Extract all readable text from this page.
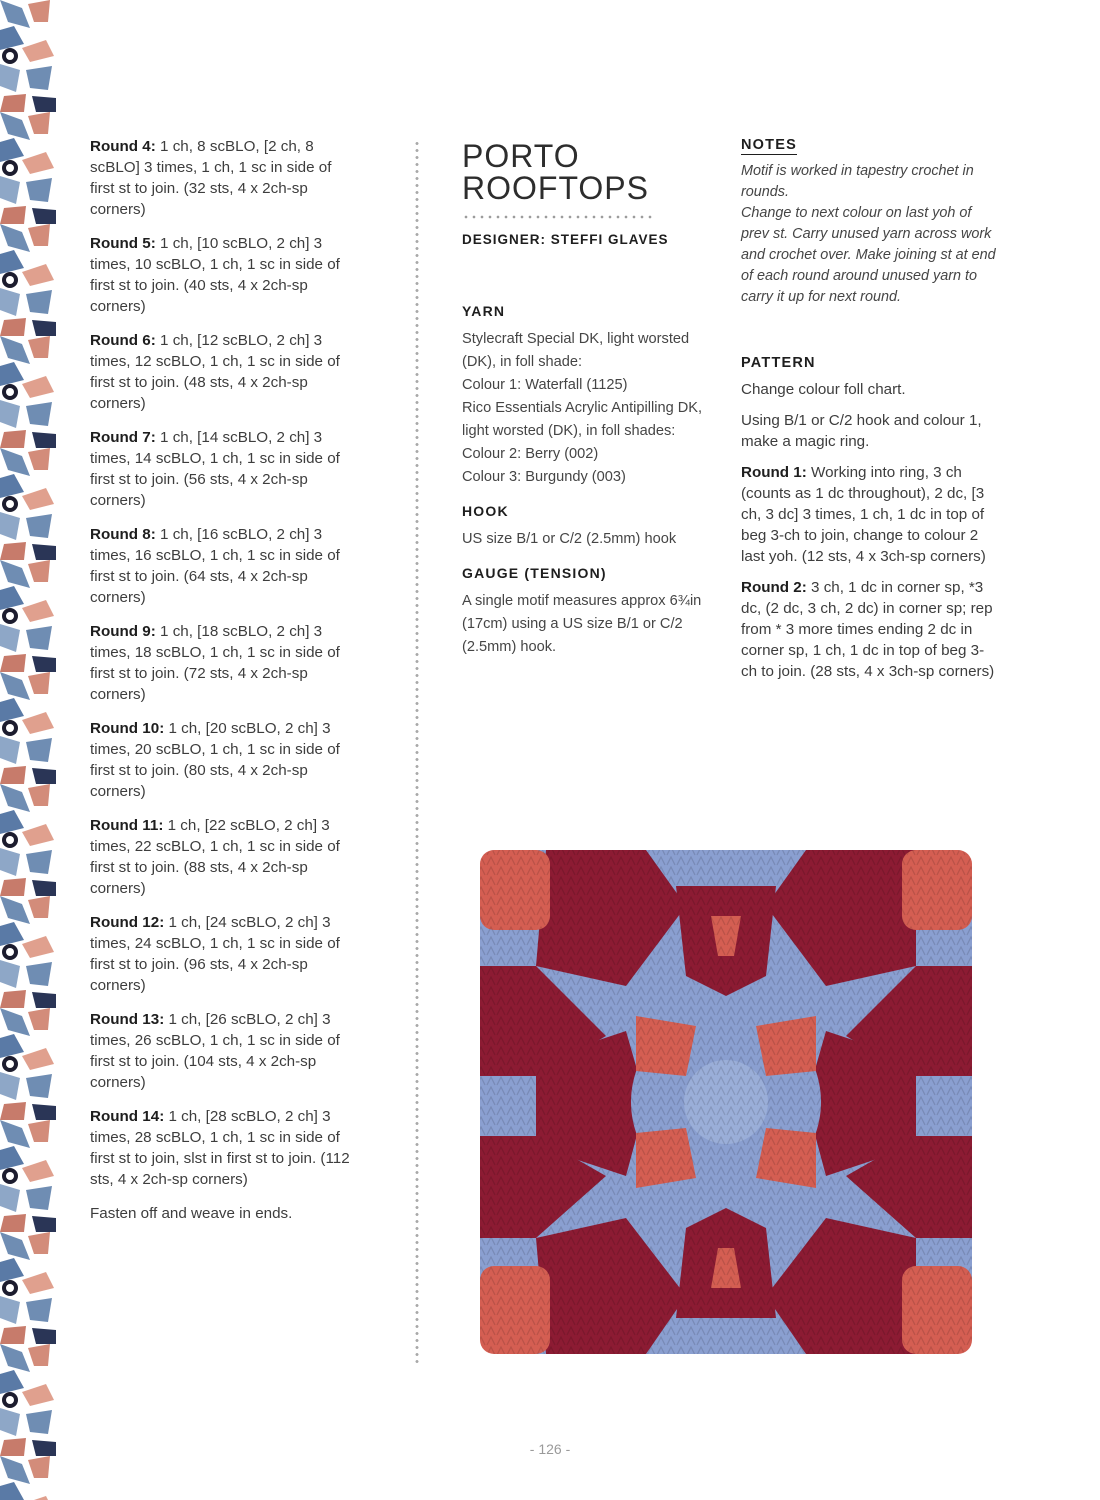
Round 4: 1 ch, 8 scBLO, [2 ch, 8 scBLO] 3 times, 1 ch, 1 sc in side of first st to join. (32 sts, 4 x 2ch-sp corners)

Round 5: 1 ch, [10 scBLO, 2 ch] 3 times, 10 scBLO, 1 ch, 1 sc in side of first st to join. (40 sts, 4 x 2ch-sp corners)

Round 6: 1 ch, [12 scBLO, 2 ch] 3 times, 12 scBLO, 1 ch, 1 sc in side of first st to join. (48 sts, 4 x 2ch-sp corners)

Round 7: 1 ch, [14 scBLO, 2 ch] 3 times, 14 scBLO, 1 ch, 1 sc in side of first st to join. (56 sts, 4 x 2ch-sp corners)

Round 8: 1 ch, [16 scBLO, 2 ch] 3 times, 16 scBLO, 1 ch, 1 sc in side of first st to join. (64 sts, 4 x 2ch-sp corners)

Round 9: 1 ch, [18 scBLO, 2 ch] 3 times, 18 scBLO, 1 ch, 1 sc in side of first st to join. (72 sts, 4 x 2ch-sp corners)

Round 10: 1 ch, [20 scBLO, 2 ch] 3 times, 20 scBLO, 1 ch, 1 sc in side of first st to join. (80 sts, 4 x 2ch-sp corners)

Round 11: 1 ch, [22 scBLO, 2 ch] 3 times, 22 scBLO, 1 ch, 1 sc in side of first st to join. (88 sts, 4 x 2ch-sp corners)

Round 12: 1 ch, [24 scBLO, 2 ch] 3 times, 24 scBLO, 1 ch, 1 sc in side of first st to join. (96 sts, 4 x 2ch-sp corners)

Round 13: 1 ch, [26 scBLO, 2 ch] 3 times, 26 scBLO, 1 ch, 1 sc in side of first st to join. (104 sts, 4 x 2ch-sp corners)

Round 14: 1 ch, [28 scBLO, 2 ch] 3 times, 28 scBLO, 1 ch, 1 sc in side of first st to join, slst in first st to join. (112 sts, 4 x 2ch-sp corners)

Fasten off and weave in ends.

PORTO
ROOFTOPS
DESIGNER: STEFFI GLAVES
YARN

Stylecraft Special DK, light worsted (DK), in foll shade:

Colour 1: Waterfall (1125)

Rico Essentials Acrylic Antipilling DK, light worsted (DK), in foll shades:

Colour 2: Berry (002)

Colour 3: Burgundy (003)

HOOK

US size B/1 or C/2 (2.5mm) hook

GAUGE (TENSION)

A single motif measures approx 6¾in (17cm) using a US size B/1 or C/2 (2.5mm) hook.

NOTES

Motif is worked in tapestry crochet in rounds.

Change to next colour on last yoh of prev st. Carry unused yarn across work and crochet over. Make joining st at end of each round around unused yarn to carry it up for next round.

PATTERN

Change colour foll chart.

Using B/1 or C/2 hook and colour 1, make a magic ring.

Round 1: Working into ring, 3 ch (counts as 1 dc throughout), 2 dc, [3 ch, 3 dc] 3 times, 1 ch, 1 dc in top of beg 3-ch to join, change to colour 2 last yoh. (12 sts, 4 x 3ch-sp corners)

Round 2: 3 ch, 1 dc in corner sp, *3 dc, (2 dc, 3 ch, 2 dc) in corner sp; rep from * 3 more times ending 2 dc in corner sp, 1 ch, 1 dc in top of beg 3-ch to join. (28 sts, 4 x 3ch-sp corners)

- 126 -
